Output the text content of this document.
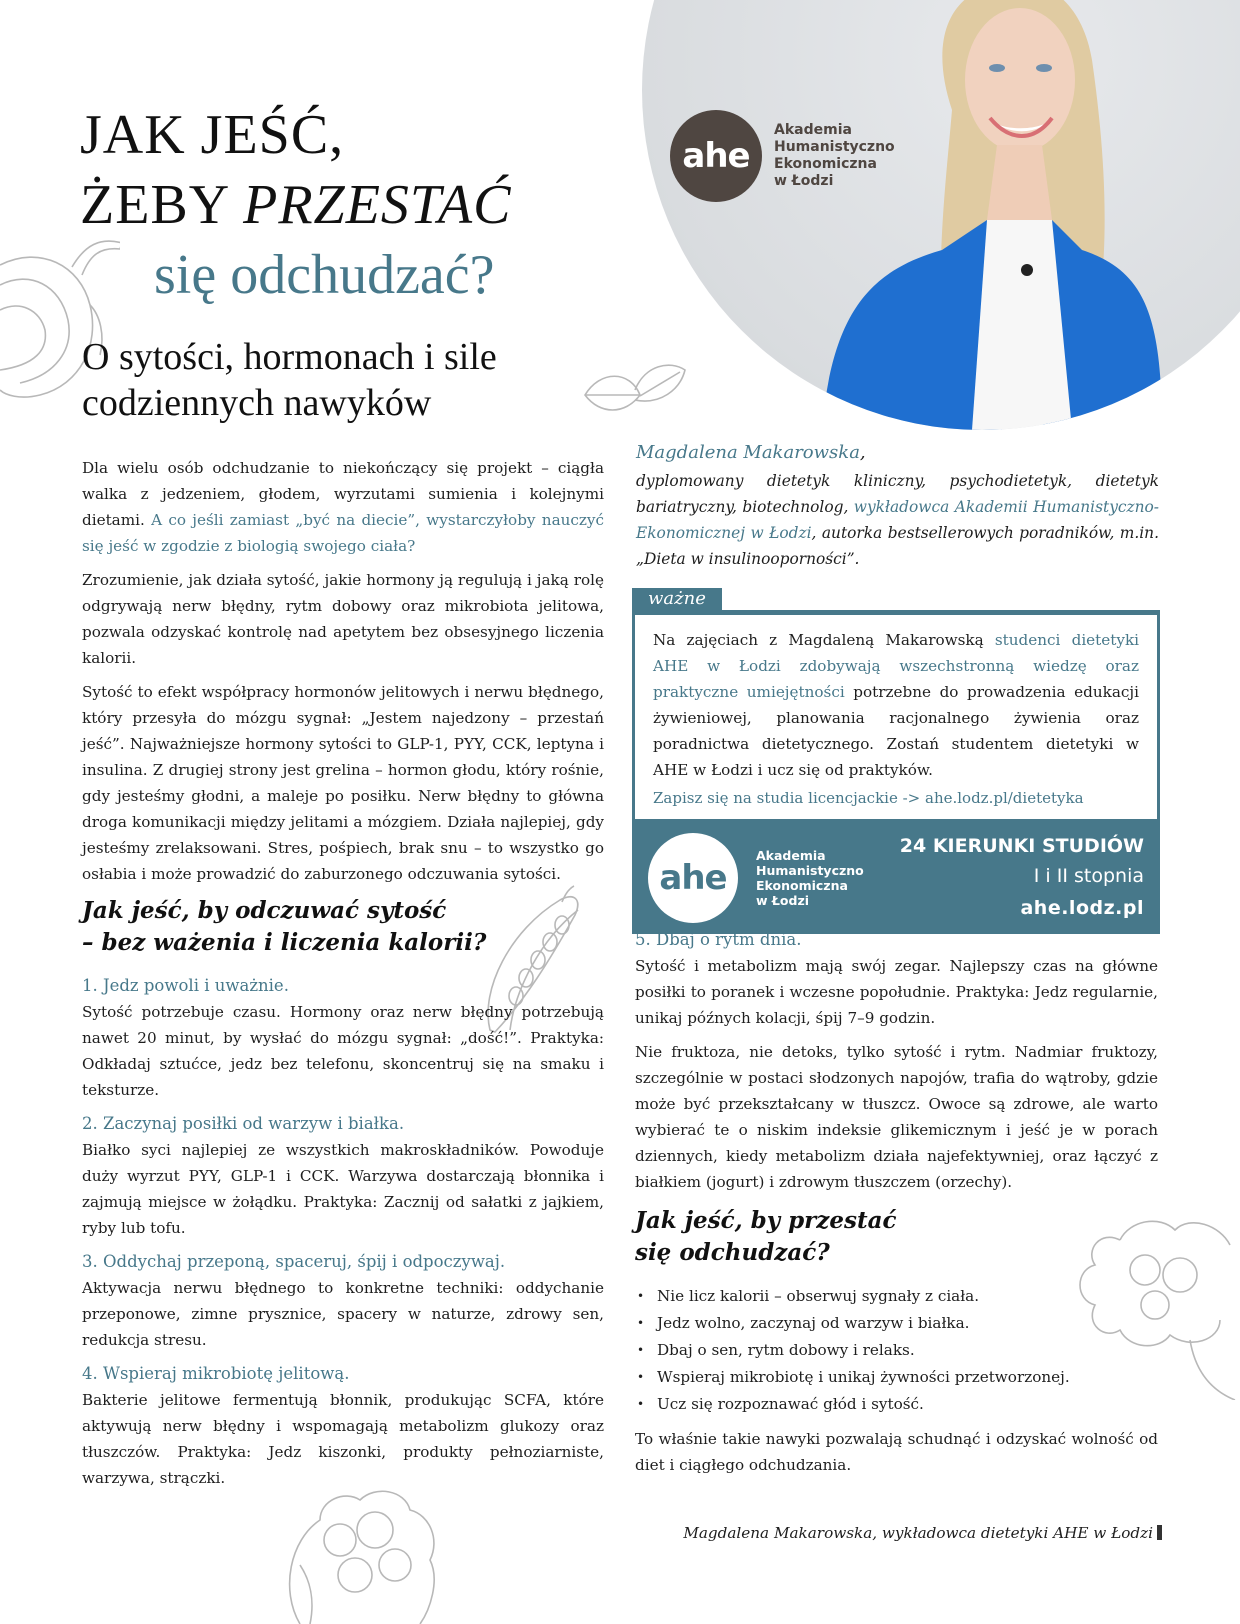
ahe
Akademia
Humanistyczno
Ekonomiczna
w Łodzi
JAK JEŚĆ,
ŻEBY PRZESTAĆ
się odchudzać?
O sytości, hormonach i sile codziennych nawyków
Magdalena Makarowska,
dyplomowany dietetyk kliniczny, psychodietetyk, dietetyk bariatryczny, biotechnolog, wykładowca Akademii Humanistyczno-Ekonomicznej w Łodzi, autorka bestsellerowych poradników, m.in. „Dieta w insulinooporności”.

Dla wielu osób odchudzanie to niekończący się projekt – ciągła walka z jedzeniem, głodem, wyrzutami sumienia i kolejnymi dietami. A co jeśli zamiast „być na diecie”, wystarczyłoby nauczyć się jeść w zgodzie z biologią swojego ciała?

Zrozumienie, jak działa sytość, jakie hormony ją regulują i jaką rolę odgrywają nerw błędny, rytm dobowy oraz mikrobiota jelitowa, pozwala odzyskać kontrolę nad apetytem bez obsesyjnego liczenia kalorii.

Sytość to efekt współpracy hormonów jelitowych i nerwu błędnego, który przesyła do mózgu sygnał: „Jestem najedzony – przestań jeść”. Najważniejsze hormony sytości to GLP-1, PYY, CCK, leptyna i insulina. Z drugiej strony jest grelina – hormon głodu, który rośnie, gdy jesteśmy głodni, a maleje po posiłku. Nerw błędny to główna droga komunikacji między jelitami a mózgiem. Działa najlepiej, gdy jesteśmy zrelaksowani. Stres, pośpiech, brak snu – to wszystko go osłabia i może prowadzić do zaburzonego odczuwania sytości.

Jak jeść, by odczuwać sytość
– bez ważenia i liczenia kalorii?
1. Jedz powoli i uważnie.

Sytość potrzebuje czasu. Hormony oraz nerw błędny potrzebują nawet 20 minut, by wysłać do mózgu sygnał: „dość!”. Praktyka: Odkładaj sztućce, jedz bez telefonu, skoncentruj się na smaku i teksturze.

2. Zaczynaj posiłki od warzyw i białka.

Białko syci najlepiej ze wszystkich makroskładników. Powoduje duży wyrzut PYY, GLP-1 i CCK. Warzywa dostarczają błonnika i zajmują miejsce w żołądku. Praktyka: Zacznij od sałatki z jajkiem, ryby lub tofu.

3. Oddychaj przeponą, spaceruj, śpij i odpoczywaj.

Aktywacja nerwu błędnego to konkretne techniki: oddychanie przeponowe, zimne prysznice, spacery w naturze, zdrowy sen, redukcja stresu.

4. Wspieraj mikrobiotę jelitową.

Bakterie jelitowe fermentują błonnik, produkując SCFA, które aktywują nerw błędny i wspomagają metabolizm glukozy oraz tłuszczów. Praktyka: Jedz kiszonki, produkty pełnoziarniste, warzywa, strączki.

ważne

Na zajęciach z Magdaleną Makarowską studenci dietetyki AHE w Łodzi zdobywają wszechstronną wiedzę oraz praktyczne umiejętności potrzebne do prowadzenia edukacji żywieniowej, planowania racjonalnego żywienia oraz poradnictwa dietetycznego. Zostań studentem dietetyki w AHE w Łodzi i ucz się od praktyków.

Zapisz się na studia licencjackie -> ahe.lodz.pl/dietetyka

ahe
Akademia
Humanistyczno
Ekonomiczna
w Łodzi
24 KIERUNKI STUDIÓW
I i II stopnia
ahe.lodz.pl
5. Dbaj o rytm dnia.

Sytość i metabolizm mają swój zegar. Najlepszy czas na główne posiłki to poranek i wczesne popołudnie. Praktyka: Jedz regularnie, unikaj późnych kolacji, śpij 7–9 godzin.

Nie fruktoza, nie detoks, tylko sytość i rytm. Nadmiar fruktozy, szczególnie w postaci słodzonych napojów, trafia do wątroby, gdzie może być przekształcany w tłuszcz. Owoce są zdrowe, ale warto wybierać te o niskim indeksie glikemicznym i jeść je w porach dziennych, kiedy metabolizm działa najefektywniej, oraz łączyć z białkiem (jogurt) i zdrowym tłuszczem (orzechy).

Jak jeść, by przestać
się odchudzać?
• Nie licz kalorii – obserwuj sygnały z ciała.
• Jedz wolno, zaczynaj od warzyw i białka.
• Dbaj o sen, rytm dobowy i relaks.
• Wspieraj mikrobiotę i unikaj żywności przetworzonej.
• Ucz się rozpoznawać głód i sytość.

To właśnie takie nawyki pozwalają schudnąć i odzyskać wolność od diet i ciągłego odchudzania.

Magdalena Makarowska, wykładowca dietetyki AHE w Łodzi
